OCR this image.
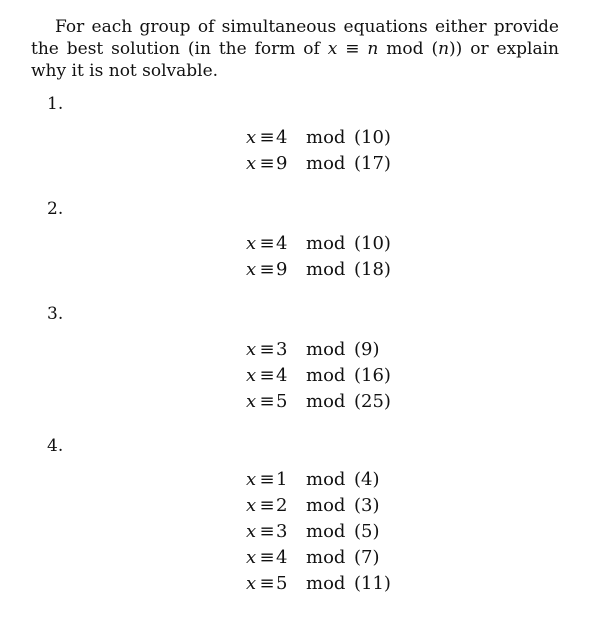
For each group of simultaneous equations either provide the best solution (in the form of x ≡ n mod (n)) or explain why it is not solvable.
1.
x ≡ 4	mod (10)
x ≡ 9	mod (17)
2.
x ≡ 4	mod (10)
x ≡ 9	mod (18)
3.
x ≡ 3	mod (9)
x ≡ 4	mod (16)
x ≡ 5	mod (25)
4.
x ≡ 1	mod (4)
x ≡ 2	mod (3)
x ≡ 3	mod (5)
x ≡ 4	mod (7)
x ≡ 5	mod (11)
